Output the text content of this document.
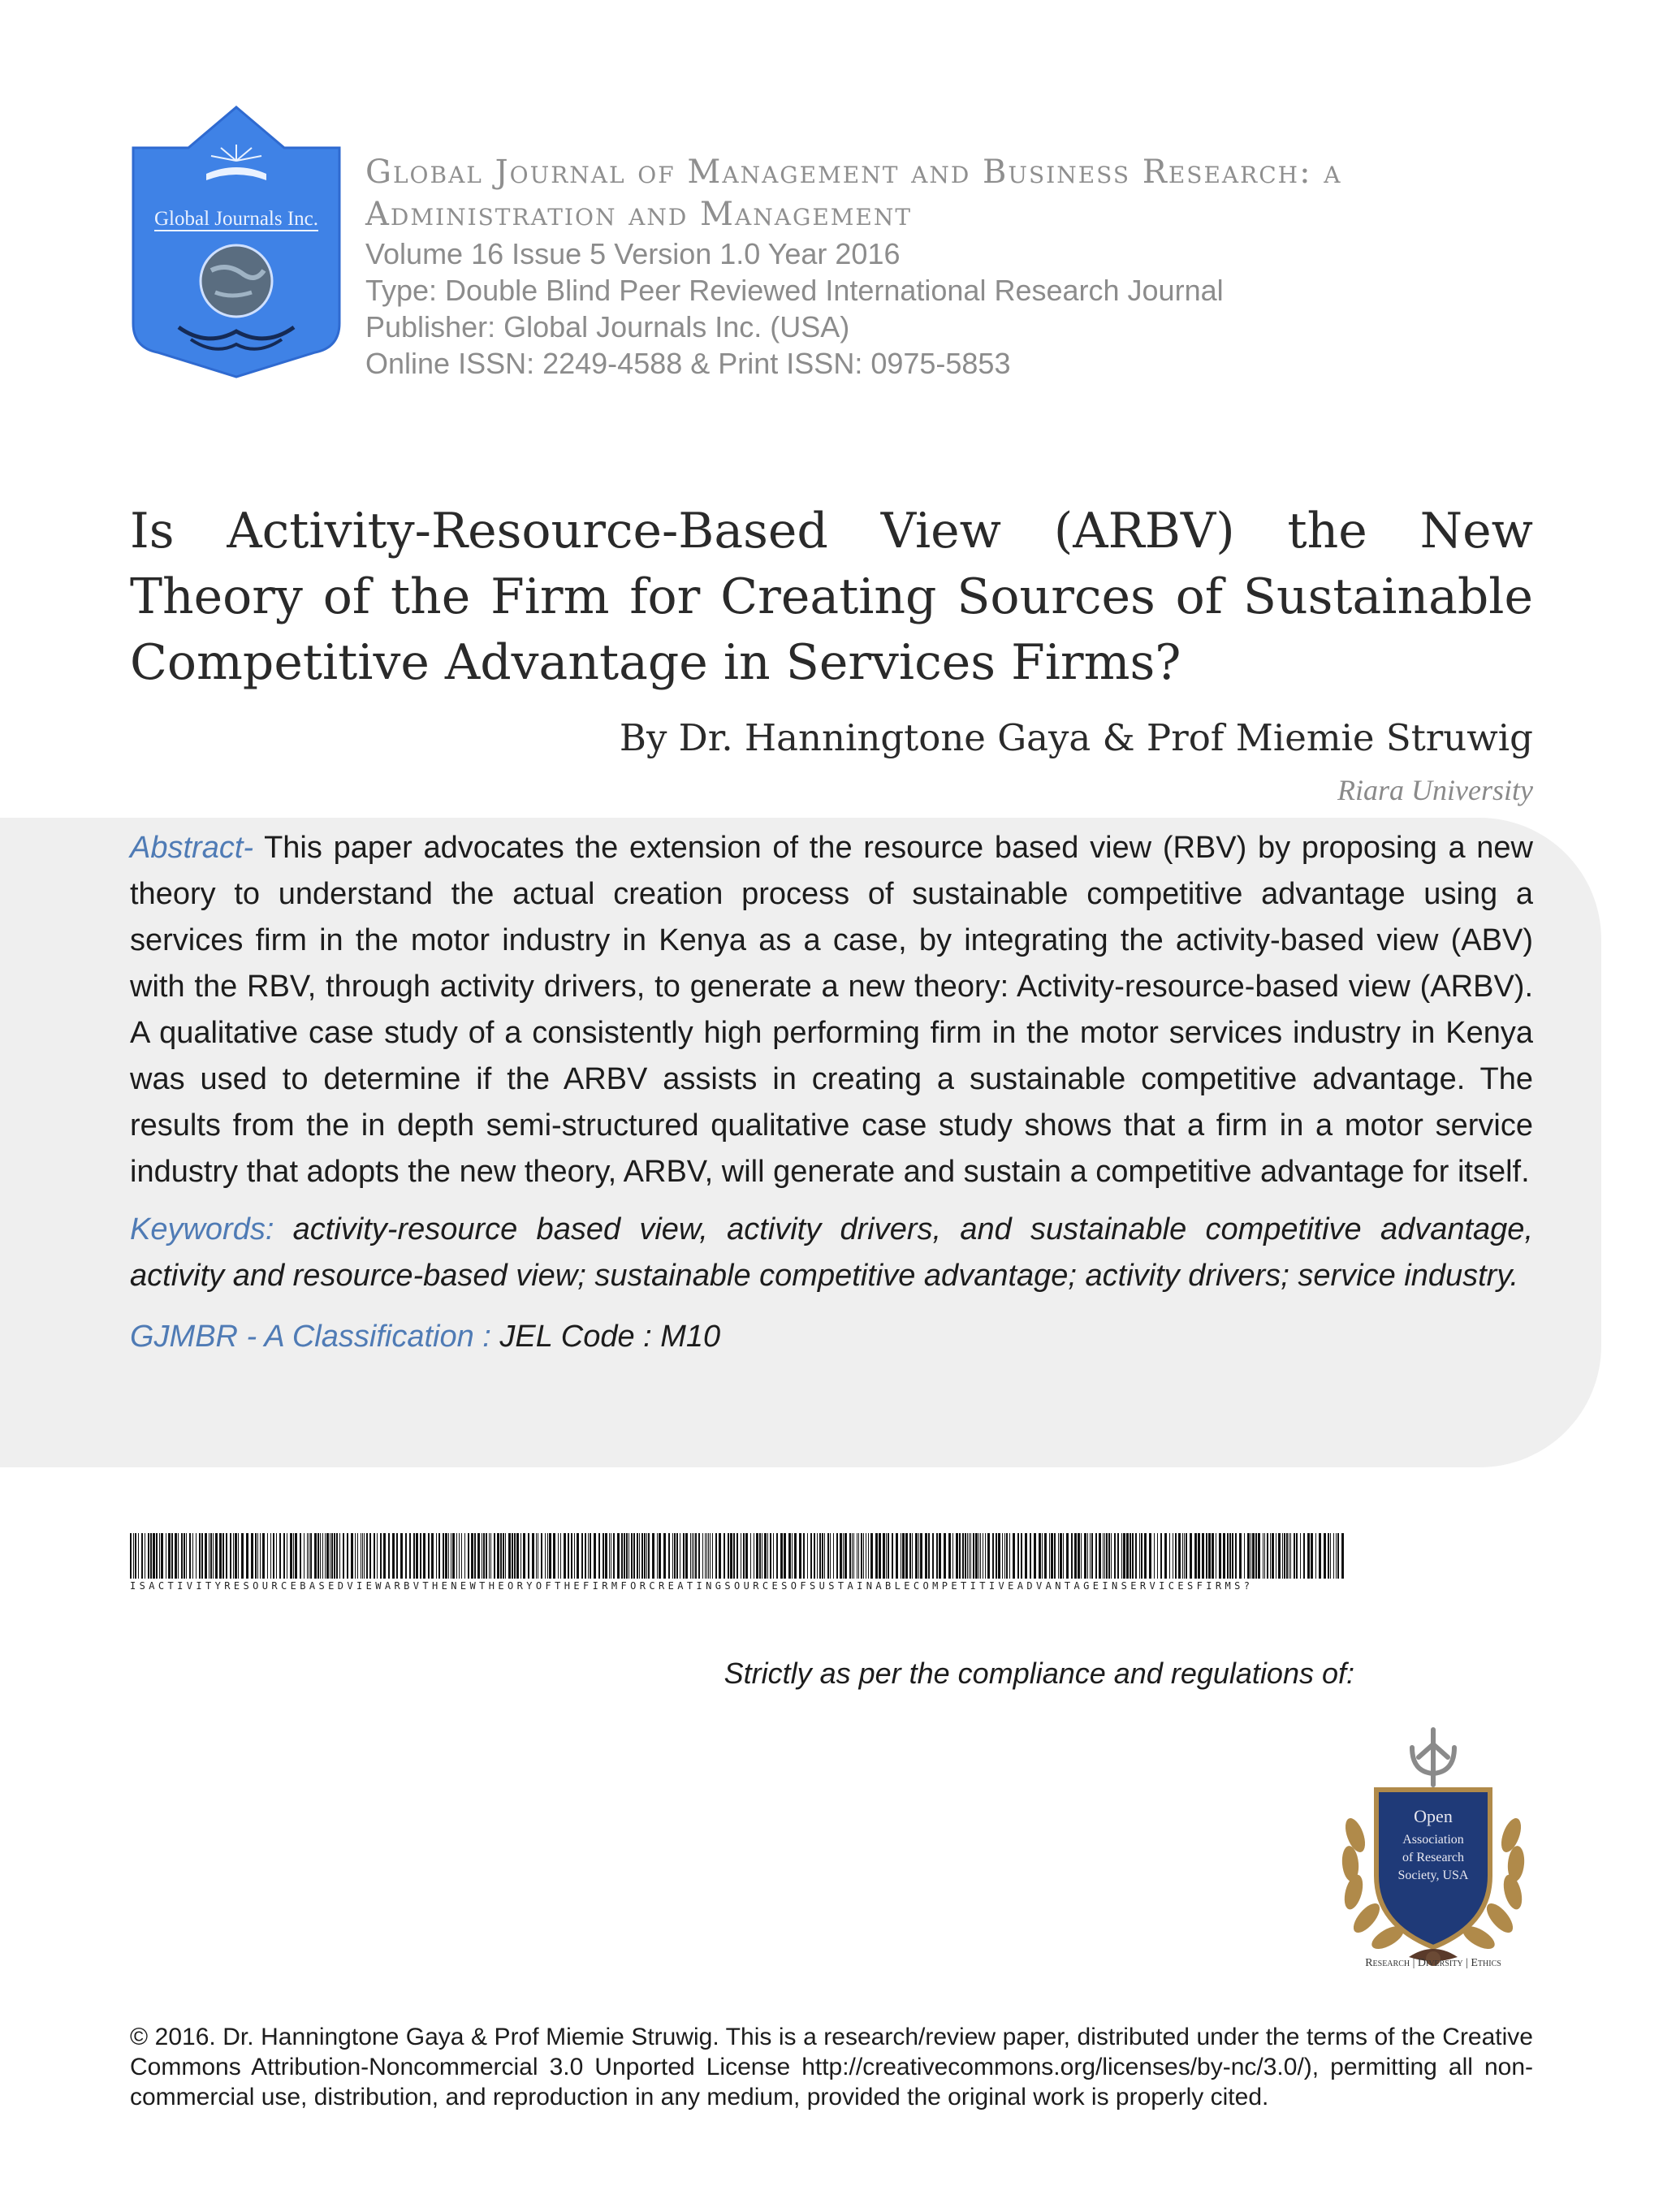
Global Journals Inc.
Global Journal of Management and Business Research: a
Administration and Management
Volume 16 Issue 5 Version 1.0 Year 2016
Type: Double Blind Peer Reviewed International Research Journal
Publisher: Global Journals Inc. (USA)
Online ISSN: 2249-4588 & Print ISSN: 0975-5853
Is Activity-Resource-Based View (ARBV) the New Theory of the Firm for Creating Sources of Sustainable Competitive Advantage in Services Firms?
By Dr. Hanningtone Gaya & Prof Miemie Struwig
Riara University

Abstract- This paper advocates the extension of the resource based view (RBV) by proposing a new theory to understand the actual creation process of sustainable competitive advantage using a services firm in the motor industry in Kenya as a case, by integrating the activity-based view (ABV) with the RBV, through activity drivers, to generate a new theory: Activity-resource-based view (ARBV). A qualitative case study of a consistently high performing firm in the motor services industry in Kenya was used to determine if the ARBV assists in creating a sustainable competitive advantage. The results from the in depth semi-structured qualitative case study shows that a firm in a motor service industry that adopts the new theory, ARBV, will generate and sustain a competitive advantage for itself.

Keywords: activity-resource based view, activity drivers, and sustainable competitive advantage, activity and resource-based view; sustainable competitive advantage; activity drivers; service industry.

GJMBR - A Classification : JEL Code : M10

ISACTIVITYRESOURCEBASEDVIEWARBVTHENEWTHEORYOFTHEFIRMFORCREATINGSOURCESOFSUSTAINABLECOMPETITIVEADVANTAGEINSERVICESFIRMS?
Strictly as per the compliance and regulations of:
Open
Association
of Research
Society, USA
Research | Diversity | Ethics

© 2016. Dr. Hanningtone Gaya & Prof Miemie Struwig. This is a research/review paper, distributed under the terms of the Creative Commons Attribution-Noncommercial 3.0 Unported License http://creativecommons.org/licenses/by-nc/3.0/), permitting all non-commercial use, distribution, and reproduction in any medium, provided the original work is properly cited.
